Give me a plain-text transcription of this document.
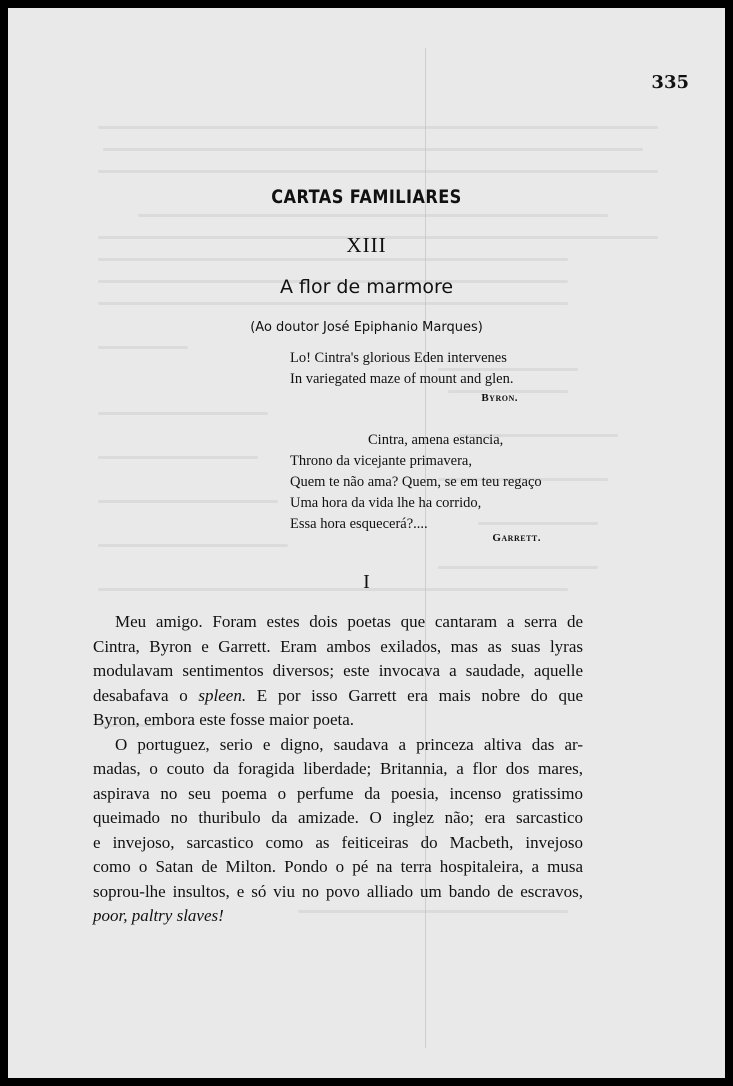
335
CARTAS FAMILIARES
XIII
A flor de marmore
(Ao doutor José Epiphanio Marques)
Lo! Cintra's glorious Eden intervenes
In variegated maze of mount and glen.
Byron.
Cintra, amena estancia,
Throno da vicejante primavera,
Quem te não ama? Quem, se em teu regaço
Uma hora da vida lhe ha corrido,
Essa hora esquecerá?....
Garrett.
I
Meu amigo. Foram estes dois poetas que cantaram a serra de
Cintra, Byron e Garrett. Eram ambos exilados, mas as suas lyras
modulavam sentimentos diversos; este invocava a saudade, aquelle
desabafava o spleen. E por isso Garrett era mais nobre do que
Byron, embora este fosse maior poeta.
O portuguez, serio e digno, saudava a princeza altiva das ar-
madas, o couto da foragida liberdade; Britannia, a flor dos mares,
aspirava no seu poema o perfume da poesia, incenso gratissimo
queimado no thuribulo da amizade. O inglez não; era sarcastico
e invejoso, sarcastico como as feiticeiras do Macbeth, invejoso
como o Satan de Milton. Pondo o pé na terra hospitaleira, a musa
soprou-lhe insultos, e só viu no povo alliado um bando de escravos,
poor, paltry slaves!
